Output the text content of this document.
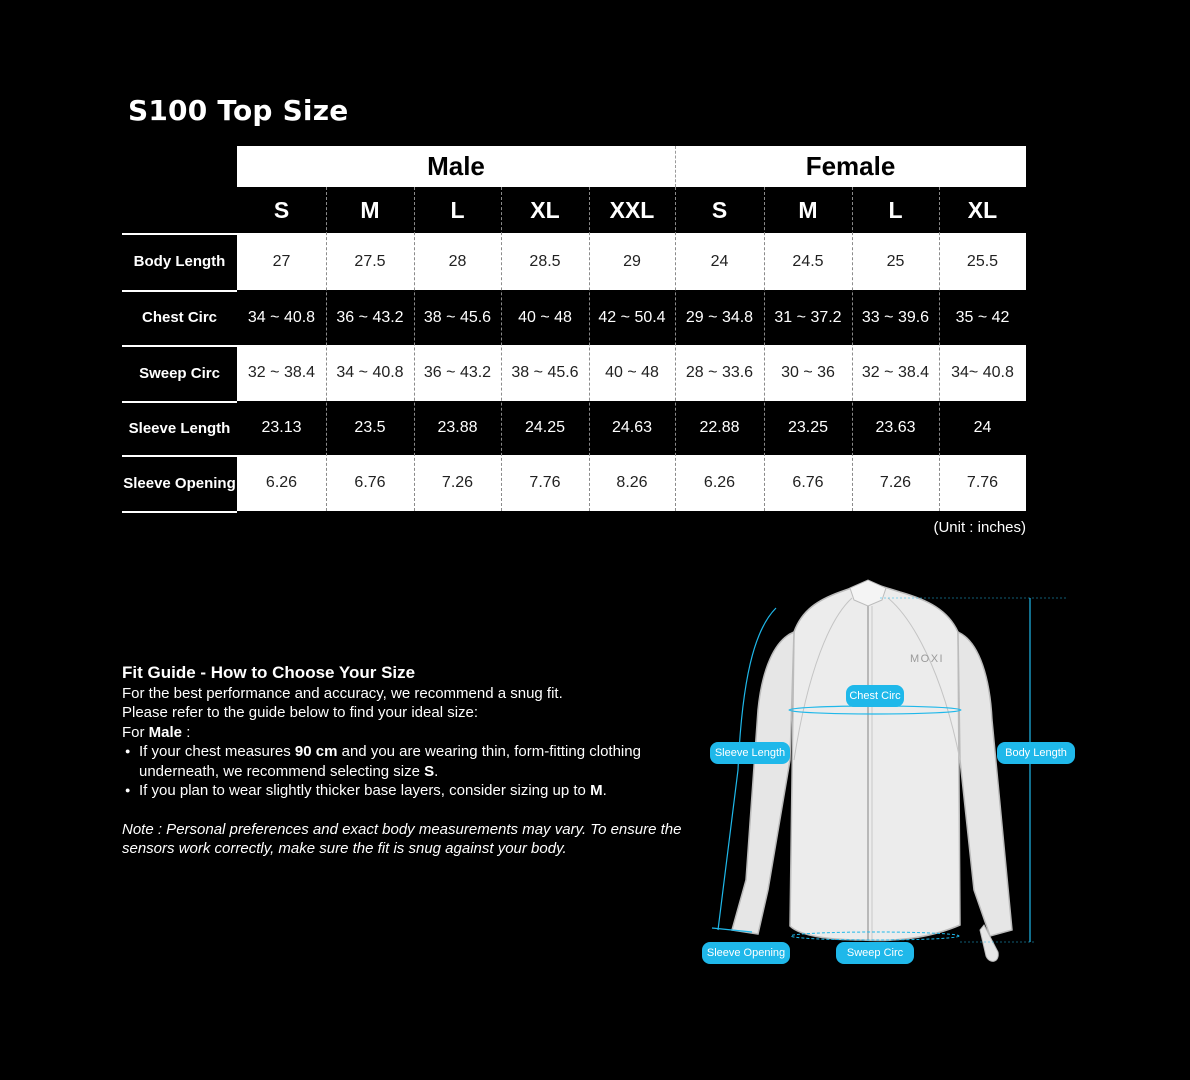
S100 Top Size
Male	Female
S	M	L	XL	XXL	S	M	L	XL
Body Length	27	27.5	28	28.5	29	24	24.5	25	25.5
Chest Circ	34 ~ 40.8	36 ~ 43.2	38 ~ 45.6	40 ~ 48	42 ~ 50.4	29 ~ 34.8	31 ~ 37.2	33 ~ 39.6	35 ~ 42
Sweep Circ	32 ~ 38.4	34 ~ 40.8	36 ~ 43.2	38 ~ 45.6	40 ~ 48	28 ~ 33.6	30 ~ 36	32 ~ 38.4	34~ 40.8
Sleeve Length	23.13	23.5	23.88	24.25	24.63	22.88	23.25	23.63	24
Sleeve Opening	6.26	6.76	7.26	7.76	8.26	6.26	6.76	7.26	7.76
(Unit : inches)
Fit Guide - How to Choose Your Size
For the best performance and accuracy, we recommend a snug fit.
Please refer to the guide below to find your ideal size:
For Male :
● If your chest measures 90 cm and you are wearing thin, form-fitting clothing underneath, we recommend selecting size S.
● If you plan to wear slightly thicker base layers, consider sizing up to M.
Note : Personal preferences and exact body measurements may vary. To ensure the sensors work correctly, make sure the fit is snug against your body.
MOXI
Chest Circ
Sleeve Length	Body Length
Sleeve Opening	Sweep Circ
